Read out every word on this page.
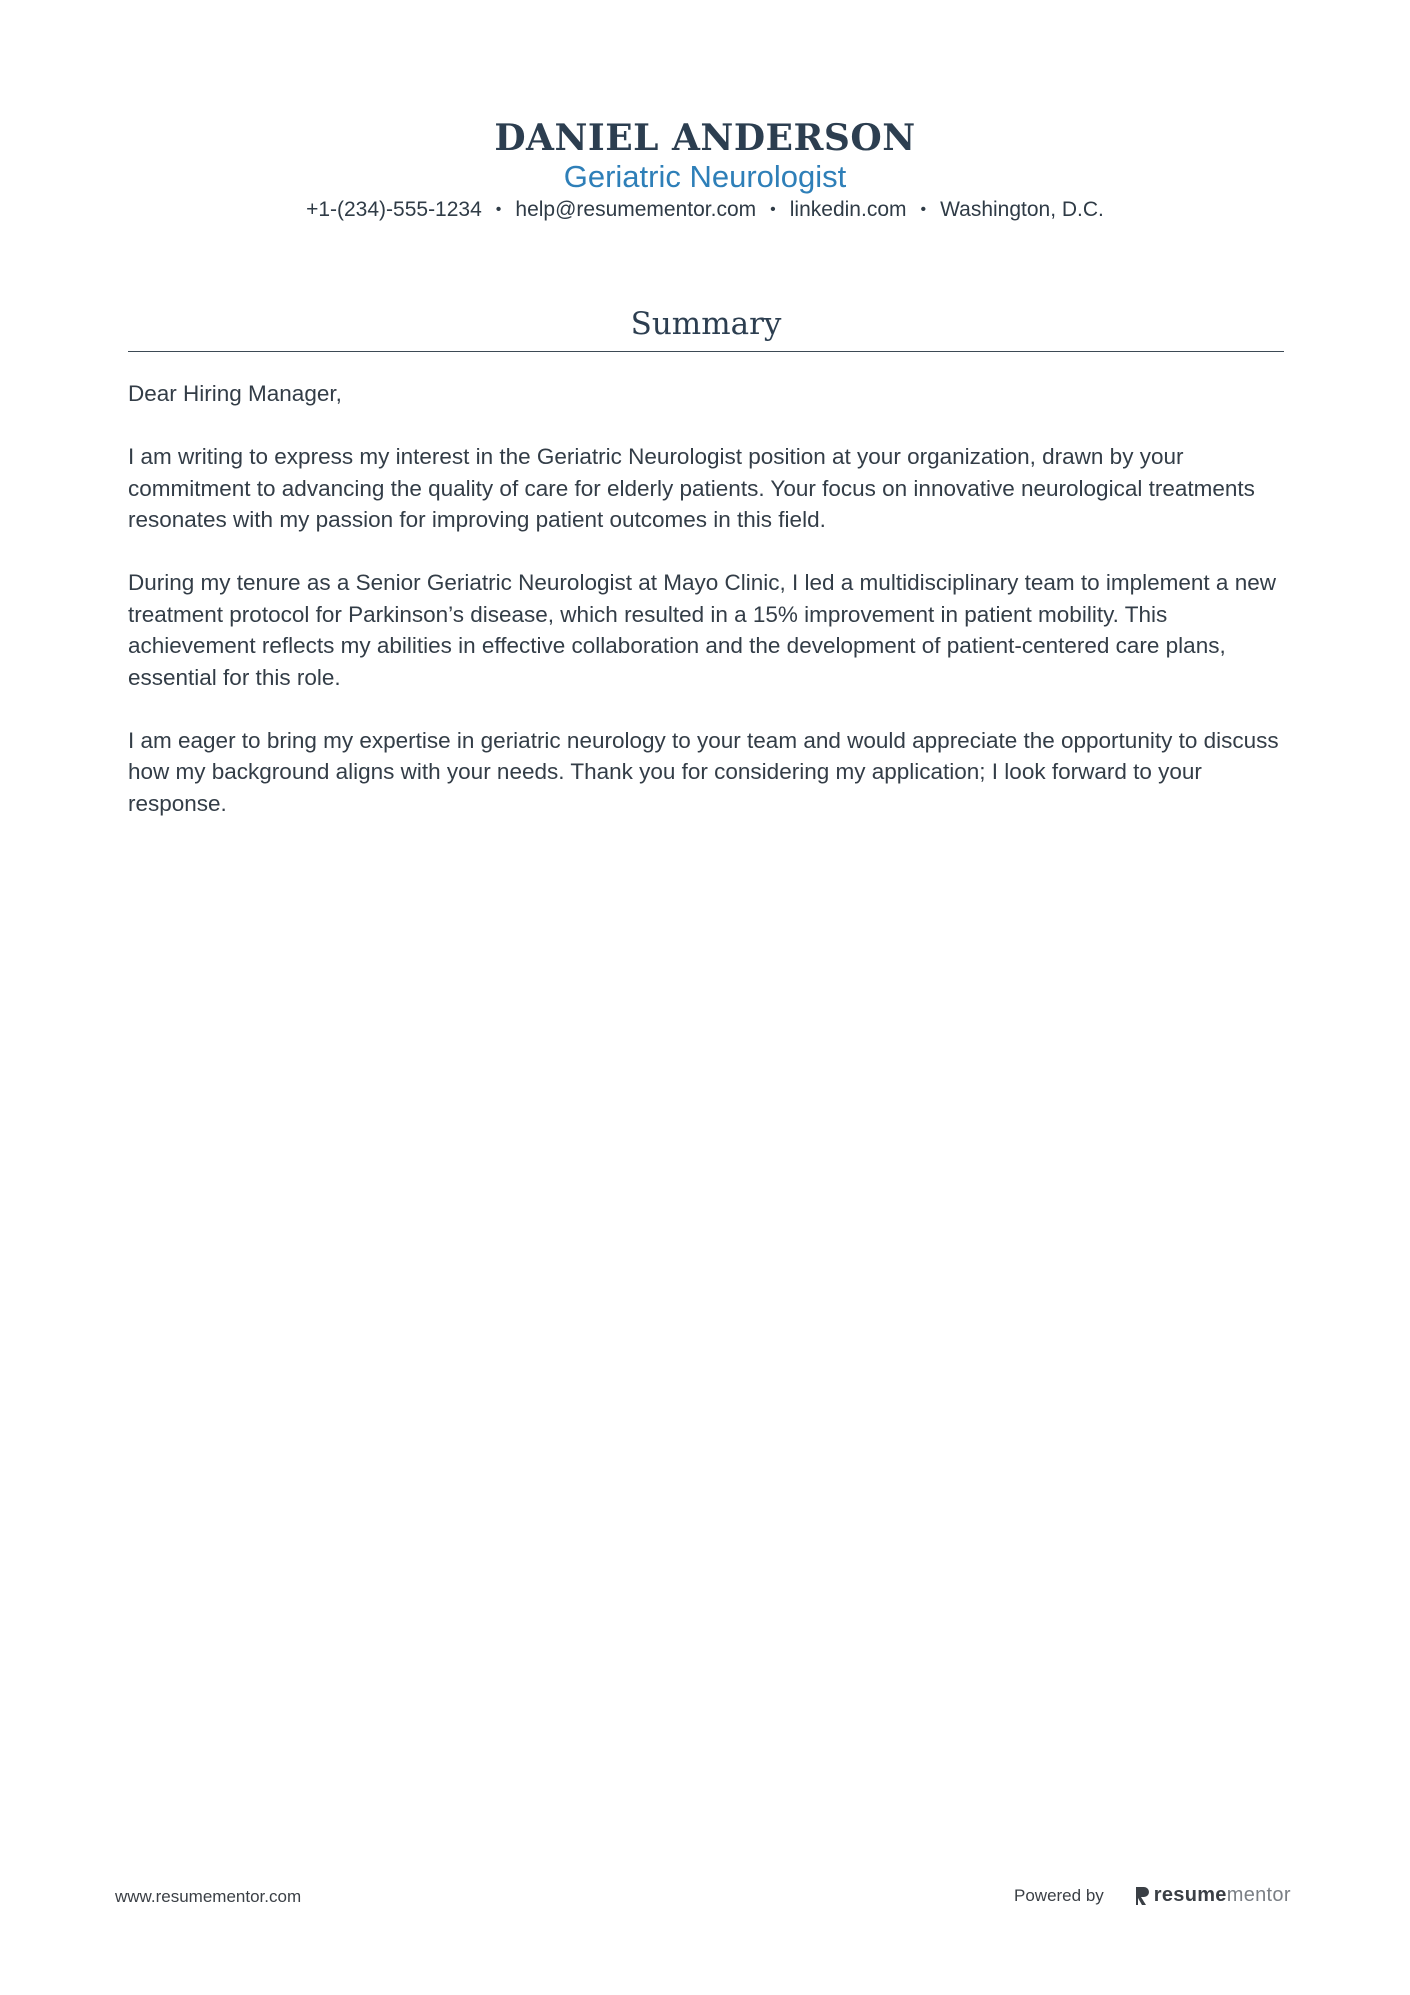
DANIEL ANDERSON
Geriatric Neurologist
+1-(234)-555-1234 • help@resumementor.com • linkedin.com • Washington, D.C.
Summary

Dear Hiring Manager,

I am writing to express my interest in the Geriatric Neurologist position at your organization, drawn by your commitment to advancing the quality of care for elderly patients. Your focus on innovative neurological treatments resonates with my passion for improving patient outcomes in this field.

During my tenure as a Senior Geriatric Neurologist at Mayo Clinic, I led a multidisciplinary team to implement a new treatment protocol for Parkinson’s disease, which resulted in a 15% improvement in patient mobility. This achievement reflects my abilities in effective collaboration and the development of patient-centered care plans, essential for this role.

I am eager to bring my expertise in geriatric neurology to your team and would appreciate the opportunity to discuss how my background aligns with your needs. Thank you for considering my application; I look forward to your response.

www.resumementor.com	Powered by	resumementor
